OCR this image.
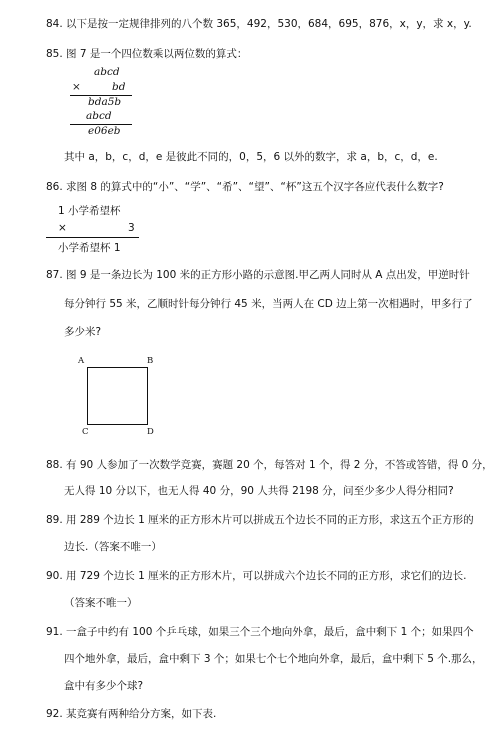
84. 以下是按一定规律排列的八个数 365，492，530，684，695，876，x，y，求 x，y.
85. 图 7 是一个四位数乘以两位数的算式：
abcd
×	bd
bda5b
abcd
e06eb
其中 a，b，c，d，e 是彼此不同的，0，5，6 以外的数字，求 a，b，c，d，e.
86. 求图 8 的算式中的“小”、“学”、“希”、“望”、“杯”这五个汉字各应代表什么数字?
1 小学希望杯
×	3
小学希望杯 1
87. 图 9 是一条边长为 100 米的正方形小路的示意图.甲乙两人同时从 A 点出发，甲逆时针
每分钟行 55 米，乙顺时针每分钟行 45 米，当两人在 CD 边上第一次相遇时，甲多行了
多少米?
A	B
C	D
88. 有 90 人参加了一次数学竞赛，赛题 20 个，每答对 1 个，得 2 分，不答或答错，得 0 分，
无人得 10 分以下，也无人得 40 分，90 人共得 2198 分，问至少多少人得分相同?
89. 用 289 个边长 1 厘米的正方形木片可以拼成五个边长不同的正方形，求这五个正方形的
边长.（答案不唯一）
90. 用 729 个边长 1 厘米的正方形木片，可以拼成六个边长不同的正方形，求它们的边长.
（答案不唯一）
91. 一盒子中约有 100 个乒乓球，如果三个三个地向外拿，最后，盒中剩下 1 个；如果四个
四个地外拿，最后，盒中剩下 3 个；如果七个七个地向外拿，最后，盒中剩下 5 个.那么，
盒中有多少个球?
92. 某竞赛有两种给分方案，如下表.
